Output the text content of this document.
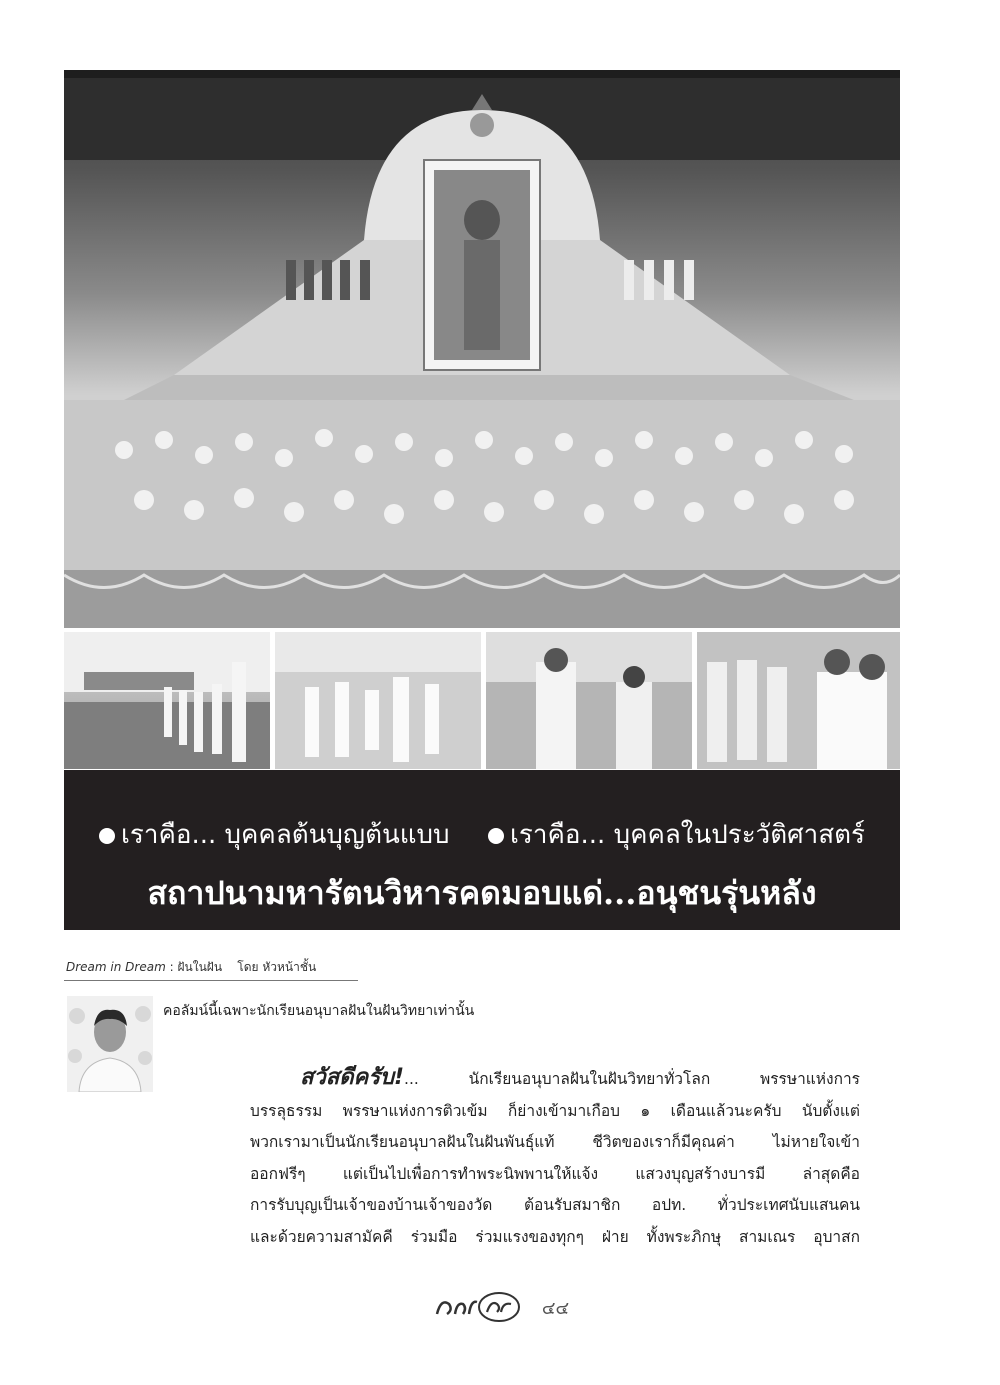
เราคือ... บุคคลต้นบุญต้นแบบ เราคือ... บุคคลในประวัติศาสตร์
สถาปนามหารัตนวิหารคดมอบแด่...อนุชนรุ่นหลัง
Dream in Dream : ฝันในฝัน โดย หัวหน้าชั้น
คอลัมน์นี้เฉพาะนักเรียนอนุบาลฝันในฝันวิทยาเท่านั้น
สวัสดีครับ!...	นักเรียนอนุบาลฝันในฝันวิทยาทั่วโลก พรรษาแห่งการ
บรรลุธรรม พรรษาแห่งการติวเข้ม ก็ย่างเข้ามาเกือบ ๑ เดือนแล้วนะครับ นับตั้งแต่
พวกเรามาเป็นนักเรียนอนุบาลฝันในฝันพันธุ์แท้ ชีวิตของเราก็มีคุณค่า ไม่หายใจเข้า
ออกฟรีๆ แต่เป็นไปเพื่อการทำพระนิพพานให้แจ้ง แสวงบุญสร้างบารมี ล่าสุดคือ
การรับบุญเป็นเจ้าของบ้านเจ้าของวัด ต้อนรับสมาชิก อปท. ทั่วประเทศนับแสนคน
และด้วยความสามัคคี ร่วมมือ ร่วมแรงของทุกๆ ฝ่าย ทั้งพระภิกษุ สามเณร อุบาสก
๔๔
